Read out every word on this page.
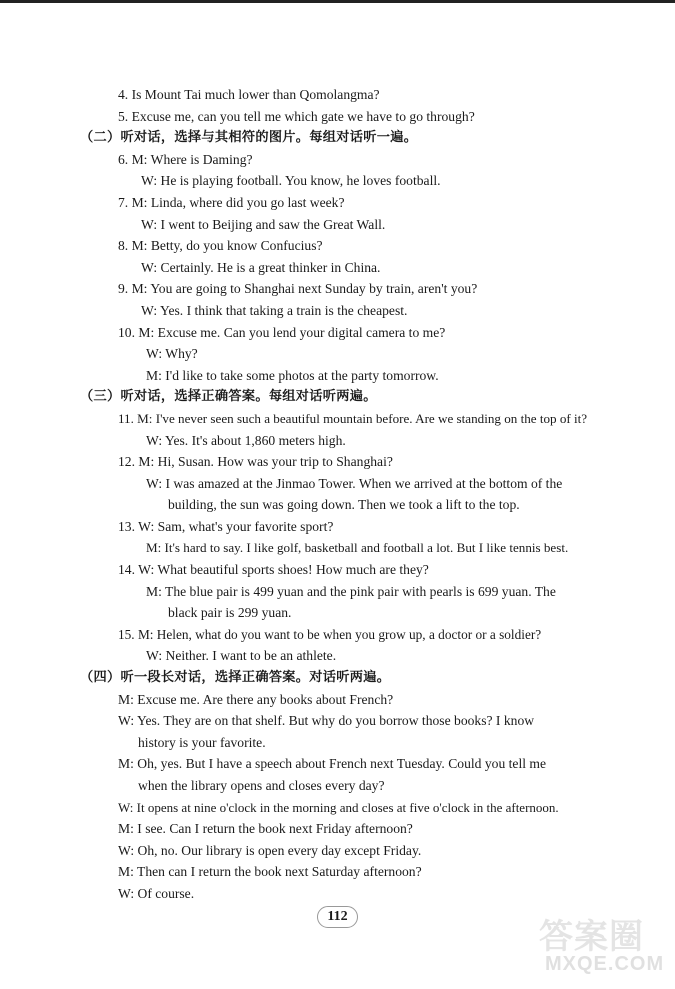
4. Is Mount Tai much lower than Qomolangma?
5. Excuse me, can you tell me which gate we have to go through?
（二）听对话，选择与其相符的图片。每组对话听一遍。
6. M: Where is Daming?
W: He is playing football. You know, he loves football.
7. M: Linda, where did you go last week?
W: I went to Beijing and saw the Great Wall.
8. M: Betty, do you know Confucius?
W: Certainly. He is a great thinker in China.
9. M: You are going to Shanghai next Sunday by train, aren't you?
W: Yes. I think that taking a train is the cheapest.
10. M: Excuse me. Can you lend your digital camera to me?
W: Why?
M: I'd like to take some photos at the party tomorrow.
（三）听对话，选择正确答案。每组对话听两遍。
11. M: I've never seen such a beautiful mountain before. Are we standing on the top of it?
W: Yes. It's about 1,860 meters high.
12. M: Hi, Susan. How was your trip to Shanghai?
W: I was amazed at the Jinmao Tower. When we arrived at the bottom of the
building, the sun was going down. Then we took a lift to the top.
13. W: Sam, what's your favorite sport?
M: It's hard to say. I like golf, basketball and football a lot. But I like tennis best.
14. W: What beautiful sports shoes! How much are they?
M: The blue pair is 499 yuan and the pink pair with pearls is 699 yuan. The
black pair is 299 yuan.
15. M: Helen, what do you want to be when you grow up, a doctor or a soldier?
W: Neither. I want to be an athlete.
（四）听一段长对话，选择正确答案。对话听两遍。
M: Excuse me. Are there any books about French?
W: Yes. They are on that shelf. But why do you borrow those books? I know
history is your favorite.
M: Oh, yes. But I have a speech about French next Tuesday. Could you tell me
when the library opens and closes every day?
W: It opens at nine o'clock in the morning and closes at five o'clock in the afternoon.
M: I see. Can I return the book next Friday afternoon?
W: Oh, no. Our library is open every day except Friday.
M: Then can I return the book next Saturday afternoon?
W: Of course.
112
答案圈
MXQE.COM
